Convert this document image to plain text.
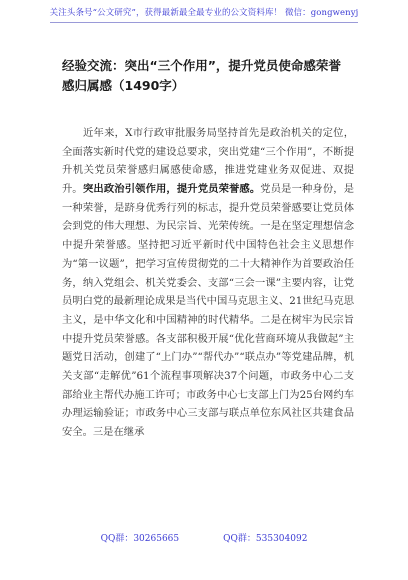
关注头条号“公文研究”，获得最新最全最专业的公文资料库！ 微信：gongwenyj
经验交流：突出“三个作用”，提升党员使命感荣誉感归属感（1490字）

近年来，X市行政审批服务局坚持首先是政治机关的定位，全面落实新时代党的建设总要求，突出党建“三个作用”，不断提升机关党员荣誉感归属感使命感，推进党建业务双促进、双提升。 突出政治引领作用，提升党员荣誉感。党员是一种身份，是一种荣誉，是跻身优秀行列的标志，提升党员荣誉感要让党员体会到党的伟大理想、为民宗旨、光荣传统。一是在坚定理想信念中提升荣誉感。坚持把习近平新时代中国特色社会主义思想作为“第一议题”，把学习宣传贯彻党的二十大精神作为首要政治任务，纳入党组会、机关党委会、支部“三会一课”主要内容，让党员明白党的最新理论成果是当代中国马克思主义、21世纪马克思主义，是中华文化和中国精神的时代精华。二是在树牢为民宗旨中提升党员荣誉感。各支部积极开展“优化营商环境从我做起”主题党日活动，创建了“上门办”“帮代办”“联点办”等党建品牌，机关支部“走解优”61个流程事项解决37个问题，市政务中心二支部给业主帮代办施工许可；市政务中心七支部上门为25台网约车办理运输验证；市政务中心三支部与联点单位东风社区共建食品安全。三是在继承

QQ群：30265665	QQ群：535304092
